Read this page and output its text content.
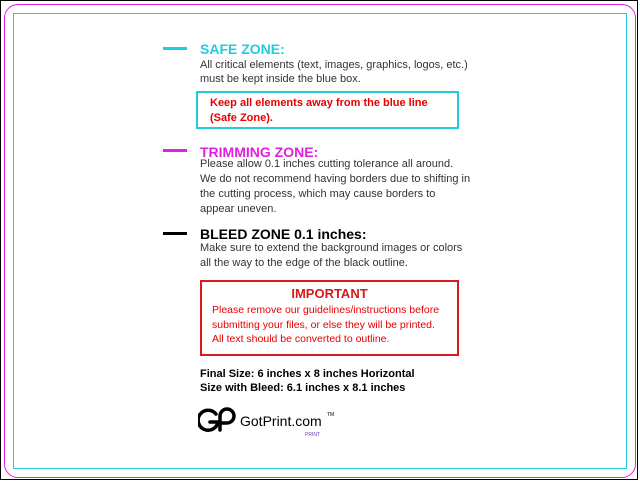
SAFE ZONE:
All critical elements (text, images, graphics, logos, etc.)
must be kept inside the blue box.
Keep all elements away from the blue line
(Safe Zone).
TRIMMING ZONE:
Please allow 0.1 inches cutting tolerance all around.
We do not recommend having borders due to shifting in
the cutting process, which may cause borders to
appear uneven.
BLEED ZONE 0.1 inches:
Make sure to extend the background images or colors
all the way to the edge of the black outline.
IMPORTANT
Please remove our guidelines/instructions before
submitting your files, or else they will be printed.
All text should be converted to outline.
Final Size: 6 inches x 8 inches Horizontal
Size with Bleed: 6.1 inches x 8.1 inches
GotPrint.com TM
PRINT
